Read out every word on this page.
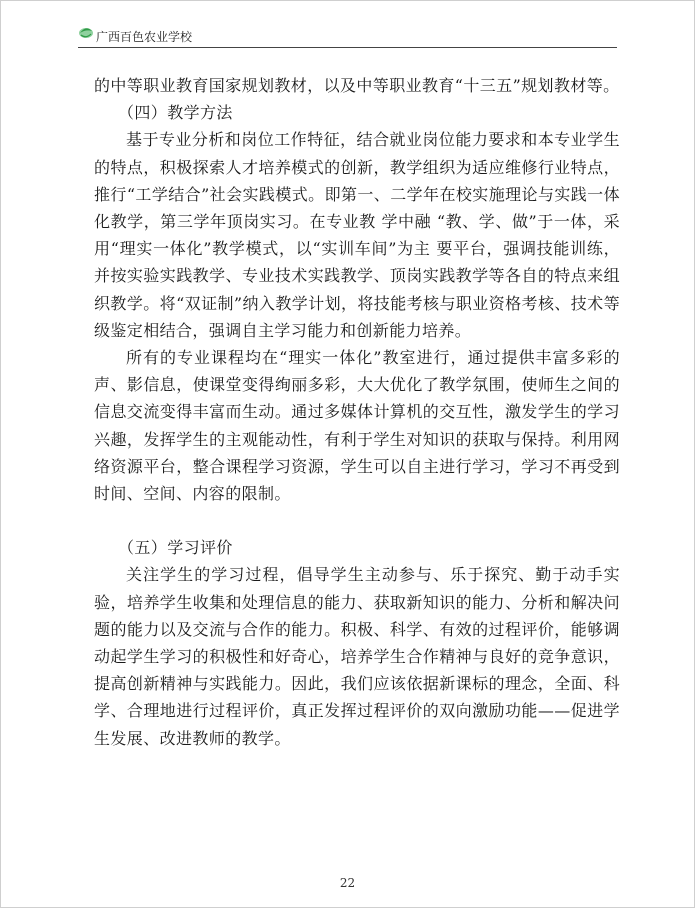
广西百色农业学校

的中等职业教育国家规划教材，以及中等职业教育“十三五”规划教材等。

（四）教学方法

基于专业分析和岗位工作特征，结合就业岗位能力要求和本专业学生的特点，积极探索人才培养模式的创新，教学组织为适应维修行业特点，推行“工学结合”社会实践模式。即第一、二学年在校实施理论与实践一体化教学，第三学年顶岗实习。在专业教 学中融 “教、学、做”于一体，采用“理实一体化”教学模式，以“实训车间”为主 要平台，强调技能训练，并按实验实践教学、专业技术实践教学、顶岗实践教学等各自的特点来组织教学。将“双证制”纳入教学计划，将技能考核与职业资格考核、技术等级鉴定相结合，强调自主学习能力和创新能力培养。

所有的专业课程均在“理实一体化”教室进行，通过提供丰富多彩的声、影信息，使课堂变得绚丽多彩，大大优化了教学氛围，使师生之间的信息交流变得丰富而生动。通过多媒体计算机的交互性，激发学生的学习兴趣，发挥学生的主观能动性，有利于学生对知识的获取与保持。利用网络资源平台，整合课程学习资源，学生可以自主进行学习，学习不再受到时间、空间、内容的限制。

（五）学习评价

关注学生的学习过程，倡导学生主动参与、乐于探究、勤于动手实验，培养学生收集和处理信息的能力、获取新知识的能力、分析和解决问题的能力以及交流与合作的能力。积极、科学、有效的过程评价，能够调动起学生学习的积极性和好奇心，培养学生合作精神与良好的竞争意识，提高创新精神与实践能力。因此，我们应该依据新课标的理念，全面、科学、合理地进行过程评价，真正发挥过程评价的双向激励功能——促进学生发展、改进教师的教学。

22
